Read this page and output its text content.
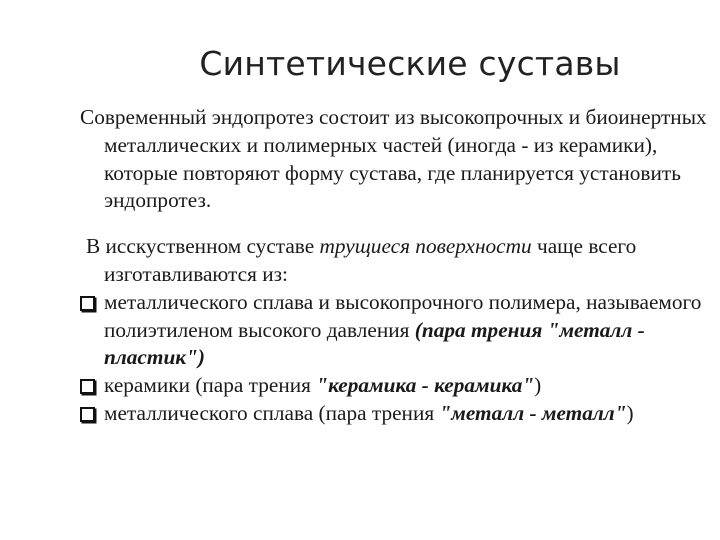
Синтетические суставы

Современный эндопротез состоит из высокопрочных и биоинертных металлических и полимерных частей (иногда - из керамики), которые повторяют форму сустава, где планируется установить эндопротез.

В исскуственном суставе трущиеся поверхности чаще всего изготавливаются из:

металлического сплава и высокопрочного полимера, называемого полиэтиленом высокого давления (пара трения "металл - пластик")
керамики (пара трения "керамика - керамика")
металлического сплава (пара трения "металл - металл")
